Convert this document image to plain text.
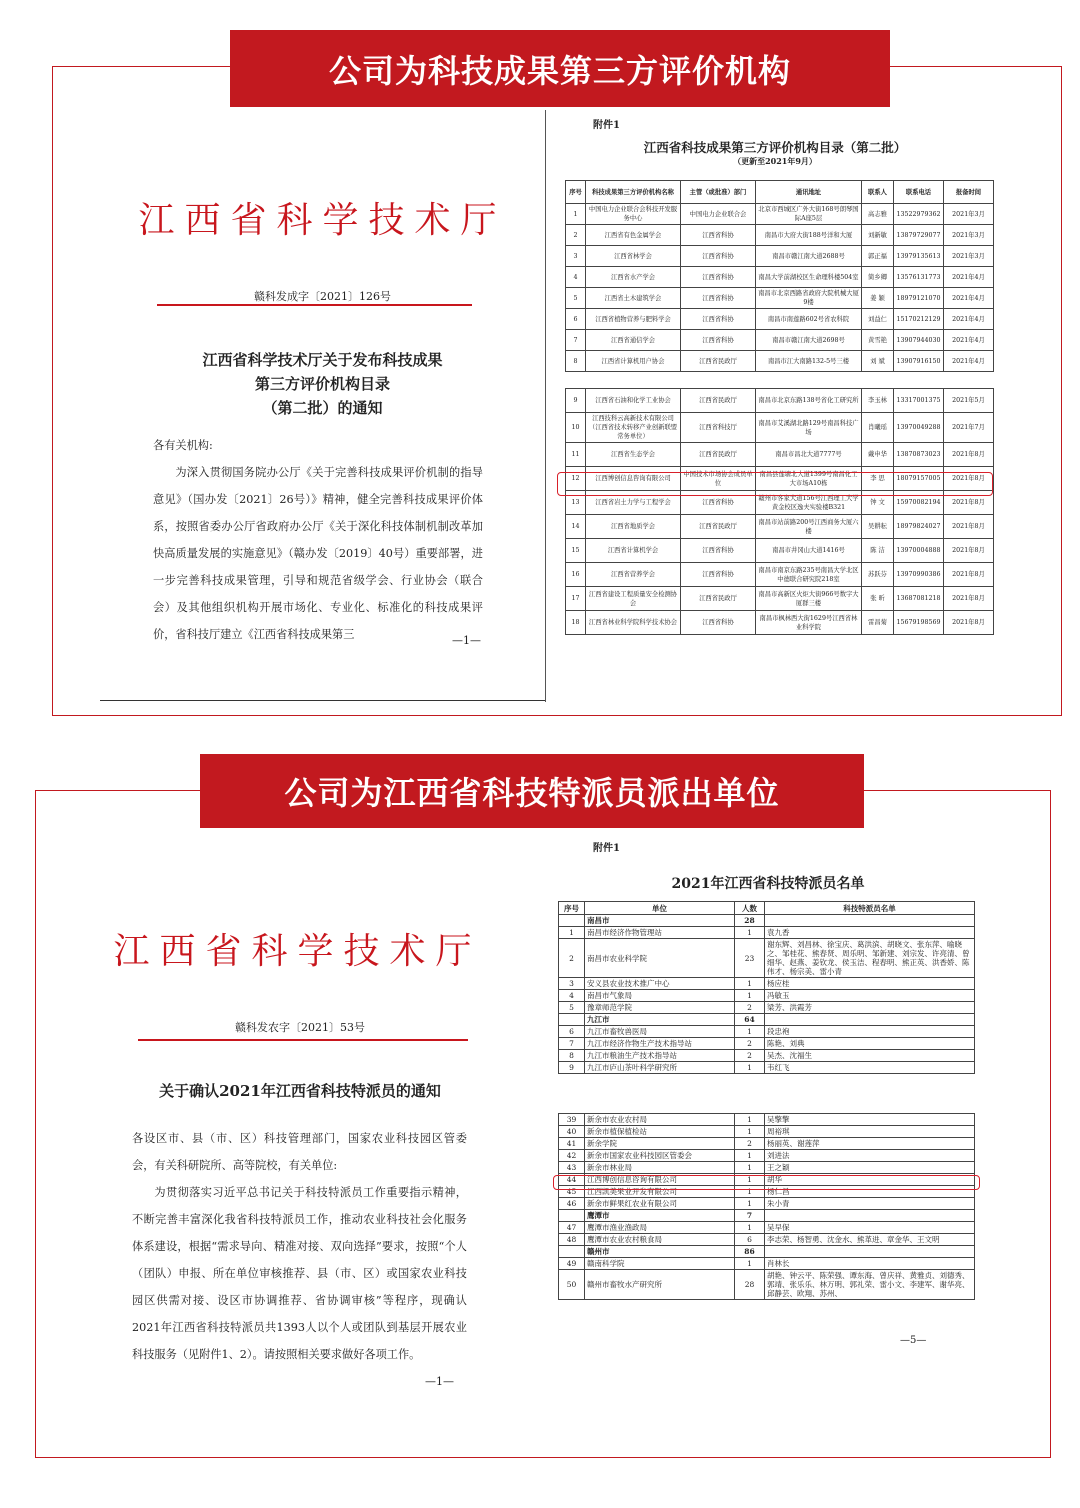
公司为科技成果第三方评价机构
江西省科学技术厅
赣科发成字〔2021〕126号
江西省科学技术厅关于发布科技成果
第三方评价机构目录
（第二批）的通知

各有关机构:

为深入贯彻国务院办公厅《关于完善科技成果评价机制的指导意见》（国办发〔2021〕26号）》精神，健全完善科技成果评价体系，按照省委办公厅省政府办公厅《关于深化科技体制机制改革加快高质量发展的实施意见》（赣办发〔2019〕40号）重要部署，进一步完善科技成果管理，引导和规范省级学会、行业协会（联合会）及其他组织机构开展市场化、专业化、标准化的科技成果评价，省科技厅建立《江西省科技成果第三	—1—
附件1
江西省科技成果第三方评价机构目录（第二批）
（更新至2021年9月）
序号	科技成果第三方评价机构名称	主管（或批准）部门	通讯地址	联系人	联系电话	报备时间
1	中国电力企业联合会科技开发服务中心	中国电力企业联合会	北京市西城区广外大街168号朗琴国际A座5层	高志雅	13522979362	2021年3月
2	江西省有色金属学会	江西省科协	南昌市大府大街188号洋和大厦	刘新敏	13879729077	2021年3月
3	江西省林学会	江西省科协	南昌市赣江南大道2688号	郭正福	13979135613	2021年3月
4	江西省水产学会	江西省科协	南昌大学前湖校区生命理科楼504室	简乡卿	13576131773	2021年4月
5	江西省土木建筑学会	江西省科协	南昌市北京西路省政府大院机械大厦9楼	姜 颖	18979121070	2021年4月
6	江西省植物营养与肥料学会	江西省科协	南昌市南莲路602号省农科院	刘益仁	15170212129	2021年4月
7	江西省通信学会	江西省科协	南昌市赣江南大道2698号	黄雪艳	13907944030	2021年4月
8	江西省计算机用户协会	江西省民政厅	南昌市江大南路132-5号三楼	刘 斌	13907916150	2021年4月
9	江西省石油和化学工业协会	江西省民政厅	南昌市北京东路138号省化工研究所	李玉林	13317001375	2021年5月
10	江西技科云高新技术有限公司（江西省技术转移产业创新联盟常务单位）	江西省科技厅	南昌市艾溪湖北路129号南昌科技广场	肖曦瑶	13970049288	2021年7月
11	江西省生态学会	江西省民政厅	南昌市昌北大道7777号	戴申华	13870873023	2021年8月
12	江西博创信息咨询有限公司	中国技术市场协会成员单位	南昌县莲塘北大道1399号南昌化工大市场A10栋	李 思	18079157005	2021年8月
13	江西省岩土力学与工程学会	江西省科协	赣州市客家大道156号江西理工大学黄金校区逸夫实验楼B321	钟 文	15970082194	2021年8月
14	江西省地质学会	江西省民政厅	南昌市站前路200号江西商务大厦六楼	吴耕耘	18979824027	2021年8月
15	江西省计算机学会	江西省科协	南昌市井冈山大道1416号	陈 洁	13970004888	2021年8月
16	江西省营养学会	江西省科协	南昌市南京东路235号南昌大学北区中德联合研究院218室	苏跃芬	13970990386	2021年8月
17	江西省建设工程质量安全检测协会	江西省民政厅	南昌市高新区火炬大街966号数字大厦群三楼	张 昕	13687081218	2021年8月
18	江西省林业科学院科学技术协会	江西省科协	南昌市枫林西大街1629号江西省林业科学院	雷昌菊	15679198569	2021年8月
公司为江西省科技特派员派出单位
江西省科学技术厅
赣科发农字〔2021〕53号
关于确认2021年江西省科技特派员的通知

各设区市、县（市、区）科技管理部门，国家农业科技园区管委会，有关科研院所、高等院校，有关单位:

为贯彻落实习近平总书记关于科技特派员工作重要指示精神，不断完善丰富深化我省科技特派员工作，推动农业科技社会化服务体系建设，根据“需求导向、精准对接、双向选择”要求，按照“个人（团队）申报、所在单位审核推荐、县（市、区）或国家农业科技园区供需对接、设区市协调推荐、省协调审核”等程序，现确认2021年江西省科技特派员共1393人以个人或团队到基层开展农业科技服务（见附件1、2）。请按照相关要求做好各项工作。

—1—
附件1
2021年江西省科技特派员名单
序号	单位	人数	科技特派员名单
	南昌市	28	
1	南昌市经济作物管理站	1	袁九香
2	南昌市农业科学院	23	谢东辉、刘昌林、徐宝庆、葛洪滨、胡晓文、张东萍、喻晓之、邹桂花、熊春贤、周乐明、邹新建、刘宗发、许亮清、曾细华、赵燕、姜钦龙、侯玉洁、程春明、熊正英、洪香娇、陈伟才、杨宗美、雷小青
3	安义县农业技术推广中心	1	杨应桂
4	南昌市气象局	1	冯敏玉
5	豫章师范学院	2	梁芳、洪霞芳
	九江市	64	
6	九江市畜牧兽医局	1	段忠袍
7	九江市经济作物生产技术指导站	2	陈艳、刘典
8	九江市粮油生产技术指导站	2	吴杰、沈福生
9	九江市庐山茶叶科学研究所	1	韦红飞
39	新余市农业农村局	1	吴擎擎
40	新余市植保植检站	1	周裕琪
41	新余学院	2	杨丽英、谢莲萍
42	新余市国家农业科技园区管委会	1	刘进法
43	新余市林业局	1	王之颖
44	江西博创信息咨询有限公司	1	胡华
45	江西凯美果业开发有限公司	1	杨仁昌
46	新余市鲜果红农业有限公司	1	朱小青
	鹰潭市	7	
47	鹰潭市渔业渔政局	1	吴早保
48	鹰潭市农业农村粮食局	6	李志荣、杨智勇、沈金水、熊革进、章金华、王文明
	赣州市	86	
49	赣南科学院	1	肖林长
50	赣州市畜牧水产研究所	28	胡艳、钟云平、陈荣强、谭东海、曾庆祥、黄雅贞、刘德秀、郭靖、张乐乐、林万明、郭礼荣、雷小文、李建军、谢华亮、邱静芸、欧翔、苏州、
—5—
